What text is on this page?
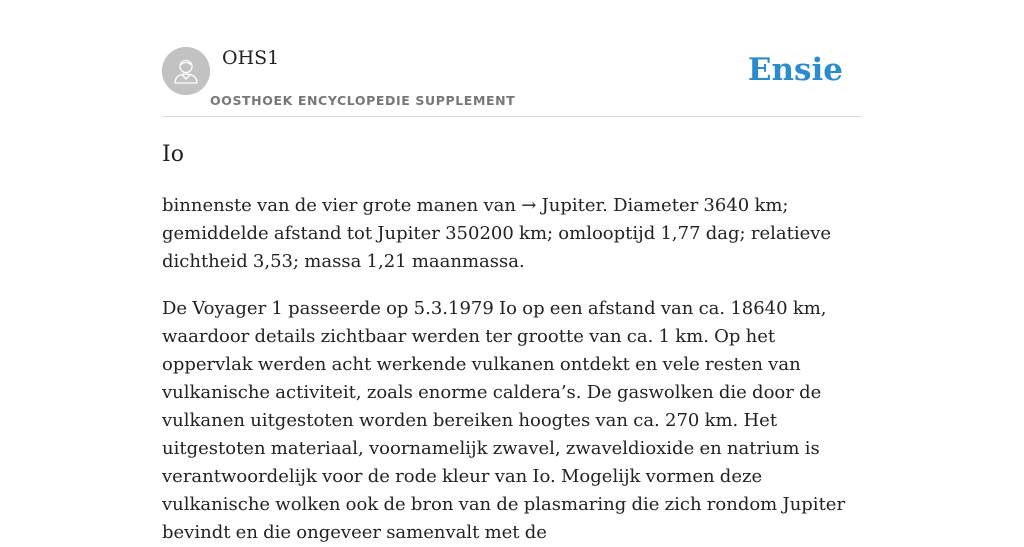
OHS1
OOSTHOEK ENCYCLOPEDIE SUPPLEMENT
Ensie
Io

binnenste van de vier grote manen van → Jupiter. Diameter 3640 km; gemiddelde afstand tot Jupiter 350200 km; omlooptijd 1,77 dag; relatieve dichtheid 3,53; massa 1,21 maanmassa.

De Voyager 1 passeerde op 5.3.1979 Io op een afstand van ca. 18640 km, waardoor details zichtbaar werden ter grootte van ca. 1 km. Op het oppervlak werden acht werkende vulkanen ontdekt en vele resten van vulkanische activiteit, zoals enorme caldera’s. De gaswolken die door de vulkanen uitgestoten worden bereiken hoogtes van ca. 270 km. Het uitgestoten materiaal, voornamelijk zwavel, zwaveldioxide en natrium is verantwoordelijk voor de rode kleur van Io. Mogelijk vormen deze vulkanische wolken ook de bron van de plasmaring die zich rondom Jupiter bevindt en die ongeveer samenvalt met de
